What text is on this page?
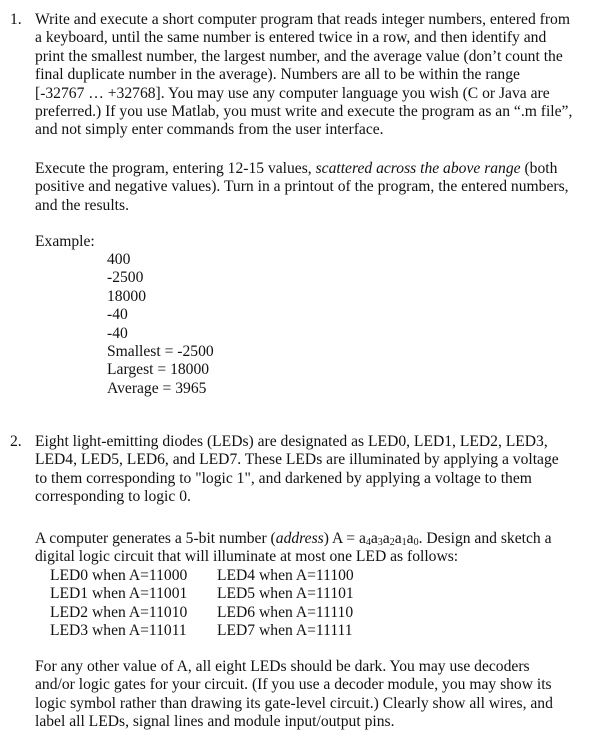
1. Write and execute a short computer program that reads integer numbers, entered from
a keyboard, until the same number is entered twice in a row, and then identify and
print the smallest number, the largest number, and the average value (don’t count the
final duplicate number in the average). Numbers are all to be within the range
[-32767 … +32768]. You may use any computer language you wish (C or Java are
preferred.) If you use Matlab, you must write and execute the program as an “.m file”,
and not simply enter commands from the user interface.
Execute the program, entering 12-15 values, scattered across the above range (both
positive and negative values). Turn in a printout of the program, the entered numbers,
and the results.
Example:
400
-2500
18000
-40
-40
Smallest = -2500
Largest = 18000
Average = 3965
2. Eight light-emitting diodes (LEDs) are designated as LED0, LED1, LED2, LED3,
LED4, LED5, LED6, and LED7. These LEDs are illuminated by applying a voltage
to them corresponding to "logic 1", and darkened by applying a voltage to them
corresponding to logic 0.
A computer generates a 5-bit number (address) $A = a_4a_3a_2a_1a_0$. Design and sketch a
digital logic circuit that will illuminate at most one LED as follows:
LED0 when A=11000 LED4 when A=11100
LED1 when A=11001 LED5 when A=11101
LED2 when A=11010 LED6 when A=11110
LED3 when A=11011 LED7 when A=11111
For any other value of A, all eight LEDs should be dark. You may use decoders
and/or logic gates for your circuit. (If you use a decoder module, you may show its
logic symbol rather than drawing its gate-level circuit.) Clearly show all wires, and
label all LEDs, signal lines and module input/output pins.
